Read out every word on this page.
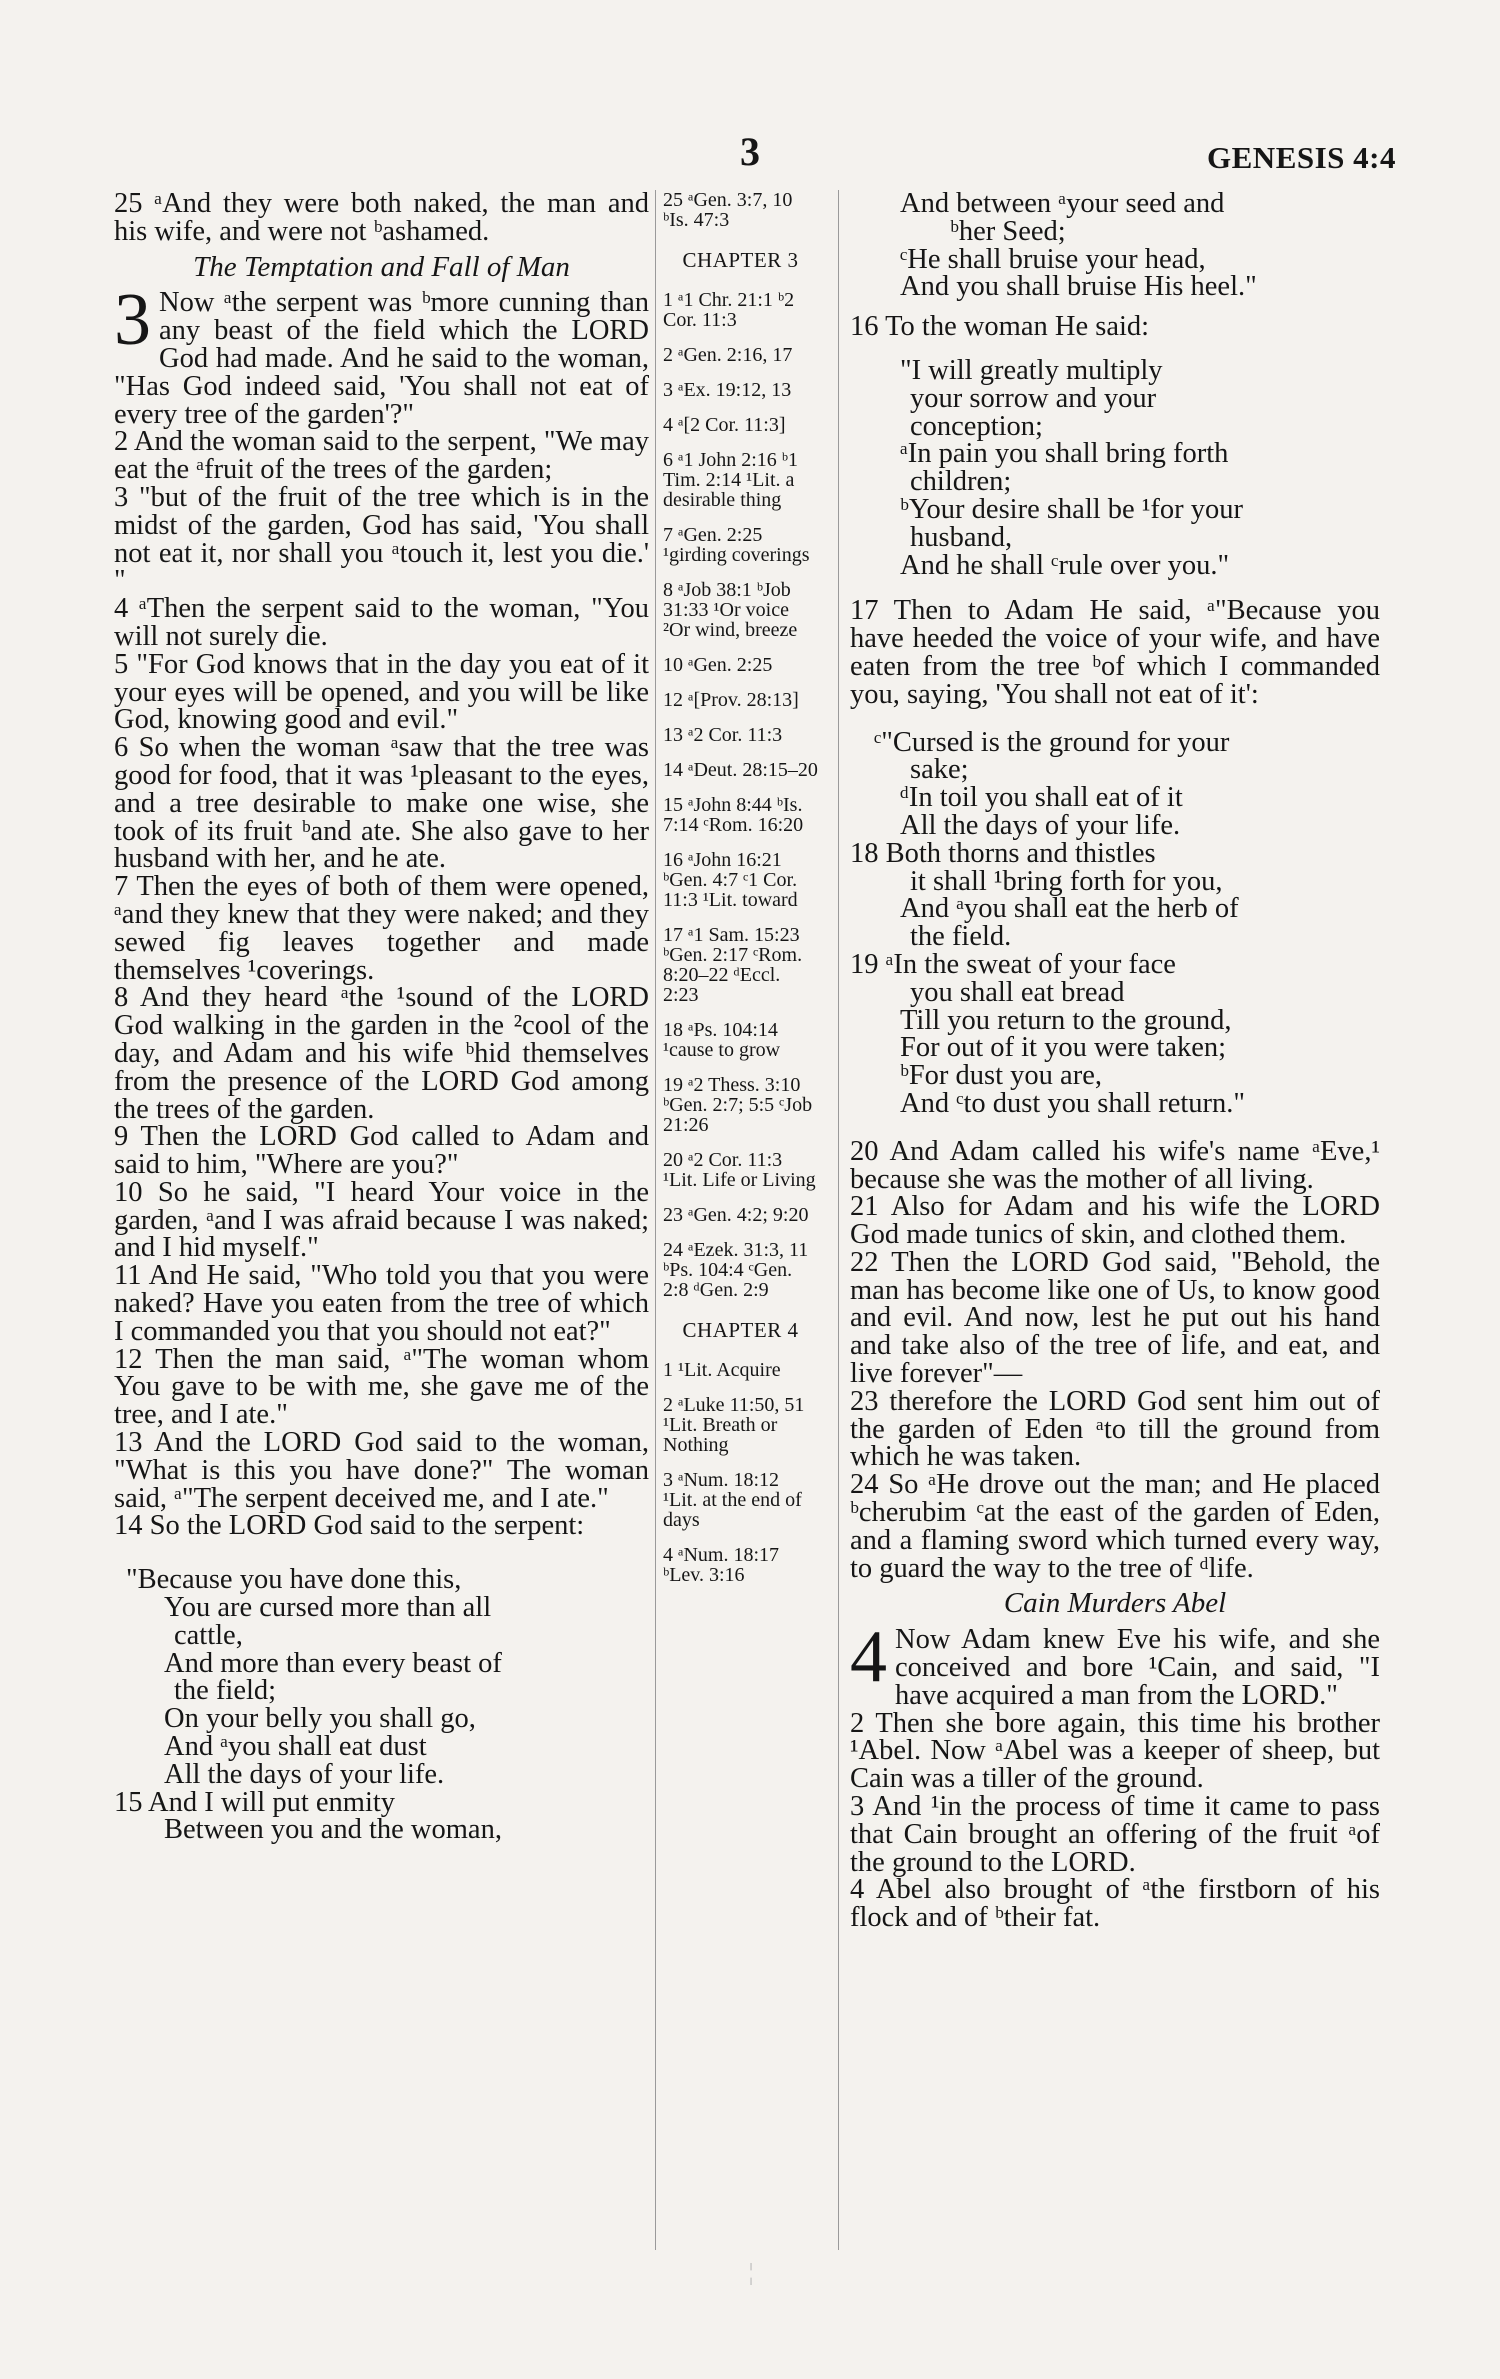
3	GENESIS 4:4

25 ᵃAnd they were both naked, the man and his wife, and were not ᵇashamed.

The Temptation and Fall of Man

3 Now ᵃthe serpent was ᵇmore cunning than any beast of the field which the LORD God had made. And he said to the woman, "Has God indeed said, 'You shall not eat of every tree of the garden'?"

2 And the woman said to the serpent, "We may eat the ᵃfruit of the trees of the garden;

3 "but of the fruit of the tree which is in the midst of the garden, God has said, 'You shall not eat it, nor shall you ᵃtouch it, lest you die.' "

4 ᵃThen the serpent said to the woman, "You will not surely die.

5 "For God knows that in the day you eat of it your eyes will be opened, and you will be like God, knowing good and evil."

6 So when the woman ᵃsaw that the tree was good for food, that it was ¹pleasant to the eyes, and a tree desirable to make one wise, she took of its fruit ᵇand ate. She also gave to her husband with her, and he ate.

7 Then the eyes of both of them were opened, ᵃand they knew that they were naked; and they sewed fig leaves together and made themselves ¹coverings.

8 And they heard ᵃthe ¹sound of the LORD God walking in the garden in the ²cool of the day, and Adam and his wife ᵇhid themselves from the presence of the LORD God among the trees of the garden.

9 Then the LORD God called to Adam and said to him, "Where are you?"

10 So he said, "I heard Your voice in the garden, ᵃand I was afraid because I was naked; and I hid myself."

11 And He said, "Who told you that you were naked? Have you eaten from the tree of which I commanded you that you should not eat?"

12 Then the man said, ᵃ"The woman whom You gave to be with me, she gave me of the tree, and I ate."

13 And the LORD God said to the woman, "What is this you have done?" The woman said, ᵃ"The serpent deceived me, and I ate."

14 So the LORD God said to the serpent:

"Because you have done this,
You are cursed more than all
cattle,
And more than every beast of
the field;
On your belly you shall go,
And ᵃyou shall eat dust
All the days of your life.
15 And I will put enmity
Between you and the woman,
25 ᵃGen. 3:7, 10 ᵇIs. 47:3
CHAPTER 3
1 ᵃ1 Chr. 21:1 ᵇ2 Cor. 11:3
2 ᵃGen. 2:16, 17
3 ᵃEx. 19:12, 13
4 ᵃ[2 Cor. 11:3]
6 ᵃ1 John 2:16 ᵇ1 Tim. 2:14 ¹Lit. a desirable thing
7 ᵃGen. 2:25 ¹girding coverings
8 ᵃJob 38:1 ᵇJob 31:33 ¹Or voice ²Or wind, breeze
10 ᵃGen. 2:25
12 ᵃ[Prov. 28:13]
13 ᵃ2 Cor. 11:3
14 ᵃDeut. 28:15–20
15 ᵃJohn 8:44 ᵇIs. 7:14 ᶜRom. 16:20
16 ᵃJohn 16:21 ᵇGen. 4:7 ᶜ1 Cor. 11:3 ¹Lit. toward
17 ᵃ1 Sam. 15:23 ᵇGen. 2:17 ᶜRom. 8:20–22 ᵈEccl. 2:23
18 ᵃPs. 104:14 ¹cause to grow
19 ᵃ2 Thess. 3:10 ᵇGen. 2:7; 5:5 ᶜJob 21:26
20 ᵃ2 Cor. 11:3 ¹Lit. Life or Living
23 ᵃGen. 4:2; 9:20
24 ᵃEzek. 31:3, 11 ᵇPs. 104:4 ᶜGen. 2:8 ᵈGen. 2:9
CHAPTER 4
1 ¹Lit. Acquire
2 ᵃLuke 11:50, 51 ¹Lit. Breath or Nothing
3 ᵃNum. 18:12 ¹Lit. at the end of days
4 ᵃNum. 18:17 ᵇLev. 3:16
And between ᵃyour seed and
ᵇher Seed;
ᶜHe shall bruise your head,
And you shall bruise His heel."
16 To the woman He said:
"I will greatly multiply
your sorrow and your
conception;
ᵃIn pain you shall bring forth
children;
ᵇYour desire shall be ¹for your
husband,
And he shall ᶜrule over you."

17 Then to Adam He said, ᵃ"Because you have heeded the voice of your wife, and have eaten from the tree ᵇof which I commanded you, saying, 'You shall not eat of it':

ᶜ"Cursed is the ground for your
sake;
ᵈIn toil you shall eat of it
All the days of your life.
18 Both thorns and thistles
it shall ¹bring forth for you,
And ᵃyou shall eat the herb of
the field.
19 ᵃIn the sweat of your face
you shall eat bread
Till you return to the ground,
For out of it you were taken;
ᵇFor dust you are,
And ᶜto dust you shall return."

20 And Adam called his wife's name ᵃEve,¹ because she was the mother of all living.

21 Also for Adam and his wife the LORD God made tunics of skin, and clothed them.

22 Then the LORD God said, "Behold, the man has become like one of Us, to know good and evil. And now, lest he put out his hand and take also of the tree of life, and eat, and live forever"—

23 therefore the LORD God sent him out of the garden of Eden ᵃto till the ground from which he was taken.

24 So ᵃHe drove out the man; and He placed ᵇcherubim ᶜat the east of the garden of Eden, and a flaming sword which turned every way, to guard the way to the tree of ᵈlife.

Cain Murders Abel

4 Now Adam knew Eve his wife, and she conceived and bore ¹Cain, and said, "I have acquired a man from the LORD."

2 Then she bore again, this time his brother ¹Abel. Now ᵃAbel was a keeper of sheep, but Cain was a tiller of the ground.

3 And ¹in the process of time it came to pass that Cain brought an offering of the fruit ᵃof the ground to the LORD.

4 Abel also brought of ᵃthe firstborn of his flock and of ᵇtheir fat.

¦
